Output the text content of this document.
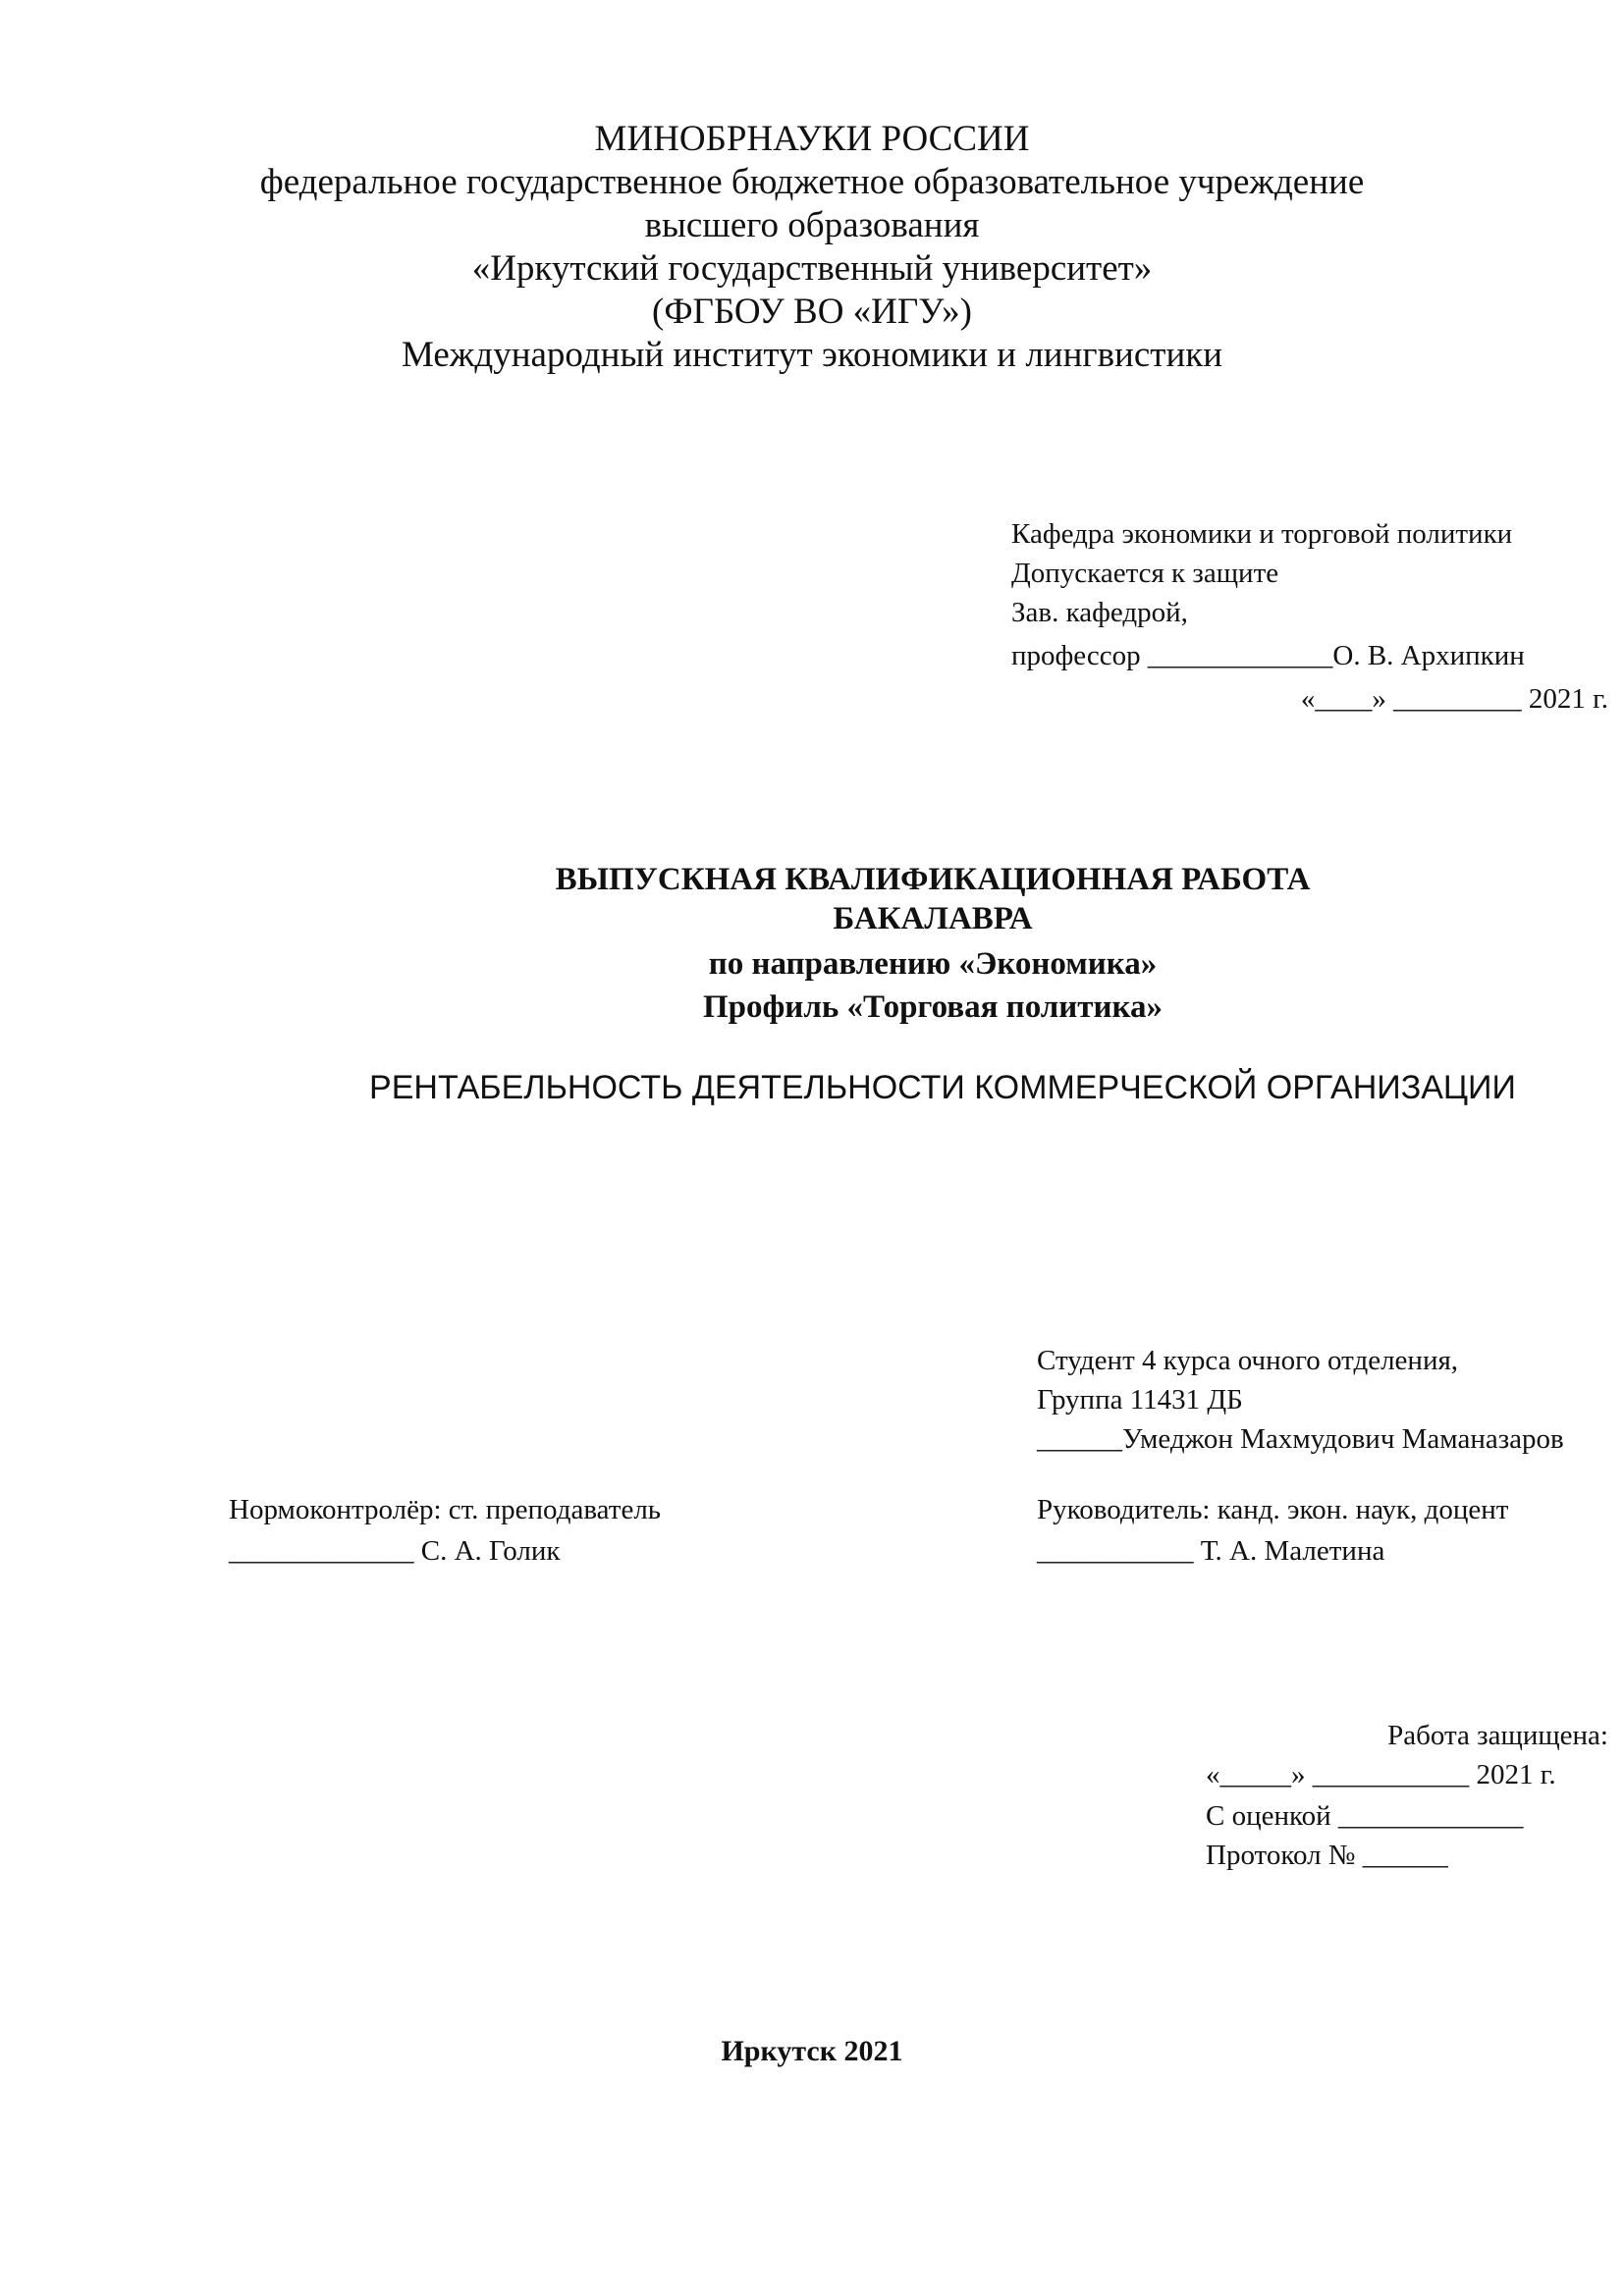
МИНОБРНАУКИ РОССИИ
федеральное государственное бюджетное образовательное учреждение
высшего образования
«Иркутский государственный университет»
(ФГБОУ ВО «ИГУ»)
Международный институт экономики и лингвистики
Кафедра экономики и торговой политики
Допускается к защите
Зав. кафедрой,
профессор _____________О. В. Архипкин
«____» _________ 2021 г.
ВЫПУСКНАЯ КВАЛИФИКАЦИОННАЯ РАБОТА
БАКАЛАВРА
по направлению «Экономика»
Профиль «Торговая политика»
РЕНТАБЕЛЬНОСТЬ ДЕЯТЕЛЬНОСТИ КОММЕРЧЕСКОЙ ОРГАНИЗАЦИИ
Студент 4 курса очного отделения,
Группа 11431 ДБ
______Умеджон Махмудович Маманазаров
Нормоконтролёр: ст. преподаватель
_____________ С. А. Голик
Руководитель: канд. экон. наук, доцент
___________ Т. А. Малетина
Работа защищена:
«_____» ___________ 2021 г.
С оценкой _____________
Протокол № ______
Иркутск 2021
